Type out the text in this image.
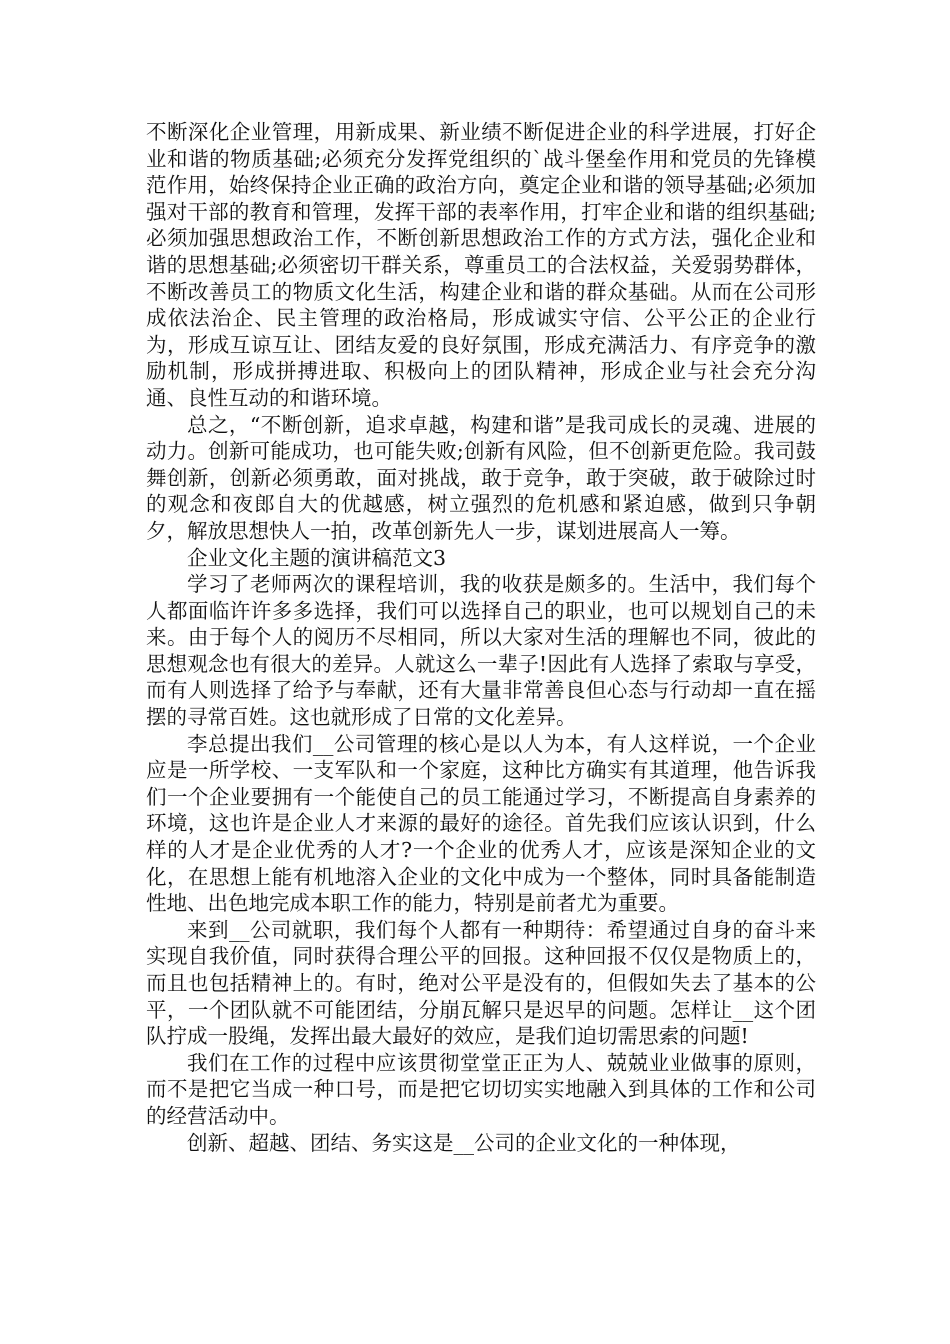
不断深化企业管理，用新成果、新业绩不断促进企业的科学进展，打好企业和谐的物质基础;必须充分发挥党组织的`战斗堡垒作用和党员的先锋模范作用，始终保持企业正确的政治方向，奠定企业和谐的领导基础;必须加强对干部的教育和管理，发挥干部的表率作用，打牢企业和谐的组织基础;必须加强思想政治工作，不断创新思想政治工作的方式方法，强化企业和谐的思想基础;必须密切干群关系，尊重员工的合法权益，关爱弱势群体，不断改善员工的物质文化生活，构建企业和谐的群众基础。从而在公司形成依法治企、民主管理的政治格局，形成诚实守信、公平公正的企业行为，形成互谅互让、团结友爱的良好氛围，形成充满活力、有序竞争的激励机制，形成拼搏进取、积极向上的团队精神，形成企业与社会充分沟通、良性互动的和谐环境。

总之，“不断创新，追求卓越，构建和谐”是我司成长的灵魂、进展的动力。创新可能成功，也可能失败;创新有风险，但不创新更危险。我司鼓舞创新，创新必须勇敢，面对挑战，敢于竞争，敢于突破，敢于破除过时的观念和夜郎自大的优越感，树立强烈的危机感和紧迫感，做到只争朝夕，解放思想快人一拍，改革创新先人一步，谋划进展高人一筹。

企业文化主题的演讲稿范文3

学习了老师两次的课程培训，我的收获是颇多的。生活中，我们每个人都面临许许多多选择，我们可以选择自己的职业，也可以规划自己的未来。由于每个人的阅历不尽相同，所以大家对生活的理解也不同，彼此的思想观念也有很大的差异。人就这么一辈子!因此有人选择了索取与享受，而有人则选择了给予与奉献，还有大量非常善良但心态与行动却一直在摇摆的寻常百姓。这也就形成了日常的文化差异。

李总提出我们__公司管理的核心是以人为本，有人这样说，一个企业应是一所学校、一支军队和一个家庭，这种比方确实有其道理，他告诉我们一个企业要拥有一个能使自己的员工能通过学习，不断提高自身素养的环境，这也许是企业人才来源的最好的途径。首先我们应该认识到，什么样的人才是企业优秀的人才?一个企业的优秀人才，应该是深知企业的文化，在思想上能有机地溶入企业的文化中成为一个整体，同时具备能制造性地、出色地完成本职工作的能力，特别是前者尤为重要。

来到__公司就职，我们每个人都有一种期待：希望通过自身的奋斗来实现自我价值，同时获得合理公平的回报。这种回报不仅仅是物质上的，而且也包括精神上的。有时，绝对公平是没有的，但假如失去了基本的公平，一个团队就不可能团结，分崩瓦解只是迟早的问题。怎样让__这个团队拧成一股绳，发挥出最大最好的效应，是我们迫切需思索的问题!

我们在工作的过程中应该贯彻堂堂正正为人、兢兢业业做事的原则，而不是把它当成一种口号，而是把它切切实实地融入到具体的工作和公司的经营活动中。

创新、超越、团结、务实这是__公司的企业文化的一种体现，
